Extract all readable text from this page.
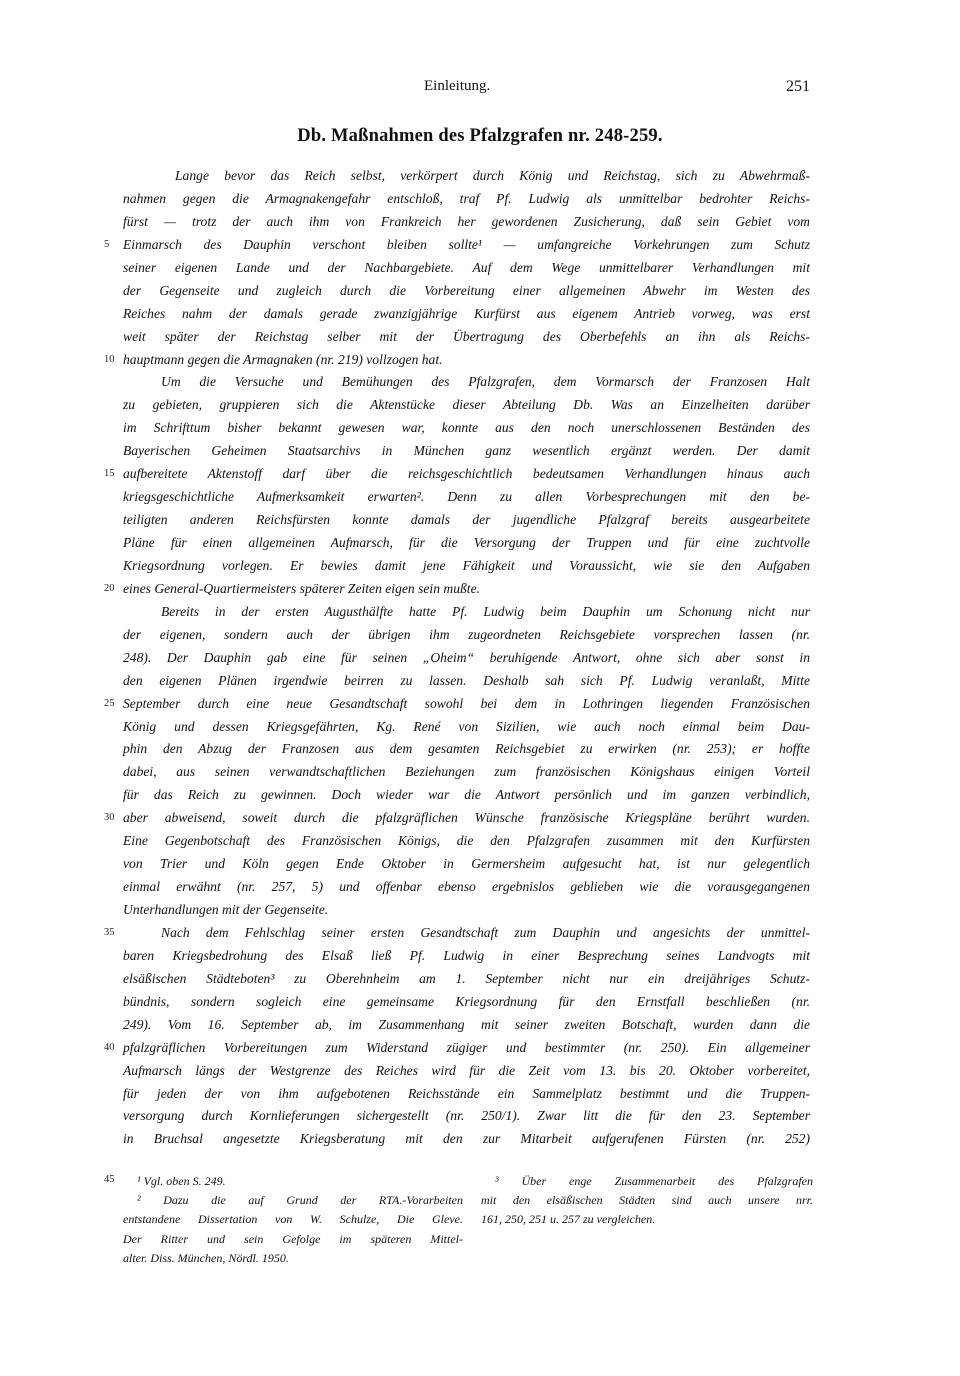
Einleitung.	251
Db. Maßnahmen des Pfalzgrafen nr. 248-259.
Lange bevor das Reich selbst, verkörpert durch König und Reichstag, sich zu Abwehrmaß-
nahmen gegen die Armagnakengefahr entschloß, traf Pf. Ludwig als unmittelbar bedrohter Reichs-
fürst — trotz der auch ihm von Frankreich her gewordenen Zusicherung, daß sein Gebiet vom
5 Einmarsch des Dauphin verschont bleiben sollte¹ — umfangreiche Vorkehrungen zum Schutz
seiner eigenen Lande und der Nachbargebiete. Auf dem Wege unmittelbarer Verhandlungen mit
der Gegenseite und zugleich durch die Vorbereitung einer allgemeinen Abwehr im Westen des
Reiches nahm der damals gerade zwanzigjährige Kurfürst aus eigenem Antrieb vorweg, was erst
weit später der Reichstag selber mit der Übertragung des Oberbefehls an ihn als Reichs-
10 hauptmann gegen die Armagnaken (nr. 219) vollzogen hat.
Um die Versuche und Bemühungen des Pfalzgrafen, dem Vormarsch der Franzosen Halt
zu gebieten, gruppieren sich die Aktenstücke dieser Abteilung Db. Was an Einzelheiten darüber
im Schrifttum bisher bekannt gewesen war, konnte aus den noch unerschlossenen Beständen des
Bayerischen Geheimen Staatsarchivs in München ganz wesentlich ergänzt werden. Der damit
15 aufbereitete Aktenstoff darf über die reichsgeschichtlich bedeutsamen Verhandlungen hinaus auch
kriegsgeschichtliche Aufmerksamkeit erwarten². Denn zu allen Vorbesprechungen mit den be-
teiligten anderen Reichsfürsten konnte damals der jugendliche Pfalzgraf bereits ausgearbeitete
Pläne für einen allgemeinen Aufmarsch, für die Versorgung der Truppen und für eine zuchtvolle
Kriegsordnung vorlegen. Er bewies damit jene Fähigkeit und Voraussicht, wie sie den Aufgaben
20 eines General-Quartiermeisters späterer Zeiten eigen sein mußte.
Bereits in der ersten Augusthälfte hatte Pf. Ludwig beim Dauphin um Schonung nicht nur
der eigenen, sondern auch der übrigen ihm zugeordneten Reichsgebiete vorsprechen lassen (nr.
248). Der Dauphin gab eine für seinen „Oheim“ beruhigende Antwort, ohne sich aber sonst in
den eigenen Plänen irgendwie beirren zu lassen. Deshalb sah sich Pf. Ludwig veranlaßt, Mitte
25 September durch eine neue Gesandtschaft sowohl bei dem in Lothringen liegenden Französischen
König und dessen Kriegsgefährten, Kg. René von Sizilien, wie auch noch einmal beim Dau-
phin den Abzug der Franzosen aus dem gesamten Reichsgebiet zu erwirken (nr. 253); er hoffte
dabei, aus seinen verwandtschaftlichen Beziehungen zum französischen Königshaus einigen Vorteil
für das Reich zu gewinnen. Doch wieder war die Antwort persönlich und im ganzen verbindlich,
30 aber abweisend, soweit durch die pfalzgräflichen Wünsche französische Kriegspläne berührt wurden.
Eine Gegenbotschaft des Französischen Königs, die den Pfalzgrafen zusammen mit den Kurfürsten
von Trier und Köln gegen Ende Oktober in Germersheim aufgesucht hat, ist nur gelegentlich
einmal erwähnt (nr. 257, 5) und offenbar ebenso ergebnislos geblieben wie die vorausgegangenen
Unterhandlungen mit der Gegenseite.
35	Nach dem Fehlschlag seiner ersten Gesandtschaft zum Dauphin und angesichts der unmittel-
baren Kriegsbedrohung des Elsaß ließ Pf. Ludwig in einer Besprechung seines Landvogts mit
elsäßischen Städteboten³ zu Oberehnheim am 1. September nicht nur ein dreijähriges Schutz-
bündnis, sondern sogleich eine gemeinsame Kriegsordnung für den Ernstfall beschließen (nr.
249). Vom 16. September ab, im Zusammenhang mit seiner zweiten Botschaft, wurden dann die
40 pfalzgräflichen Vorbereitungen zum Widerstand zügiger und bestimmter (nr. 250). Ein allgemeiner
Aufmarsch längs der Westgrenze des Reiches wird für die Zeit vom 13. bis 20. Oktober vorbereitet,
für jeden der von ihm aufgebotenen Reichsstände ein Sammelplatz bestimmt und die Truppen-
versorgung durch Kornlieferungen sichergestellt (nr. 250/1). Zwar litt die für den 23. September
in Bruchsal angesetzte Kriegsberatung mit den zur Mitarbeit aufgerufenen Fürsten (nr. 252)
45	¹ Vgl. oben S. 249.
² Dazu die auf Grund der RTA.-Vorarbeiten
entstandene Dissertation von W. Schulze, Die Gleve.
Der Ritter und sein Gefolge im späteren Mittel-
alter. Diss. München, Nördl. 1950.
³ Über enge Zusammenarbeit des Pfalzgrafen
mit den elsäßischen Städten sind auch unsere nrr.
161, 250, 251 u. 257 zu vergleichen.
